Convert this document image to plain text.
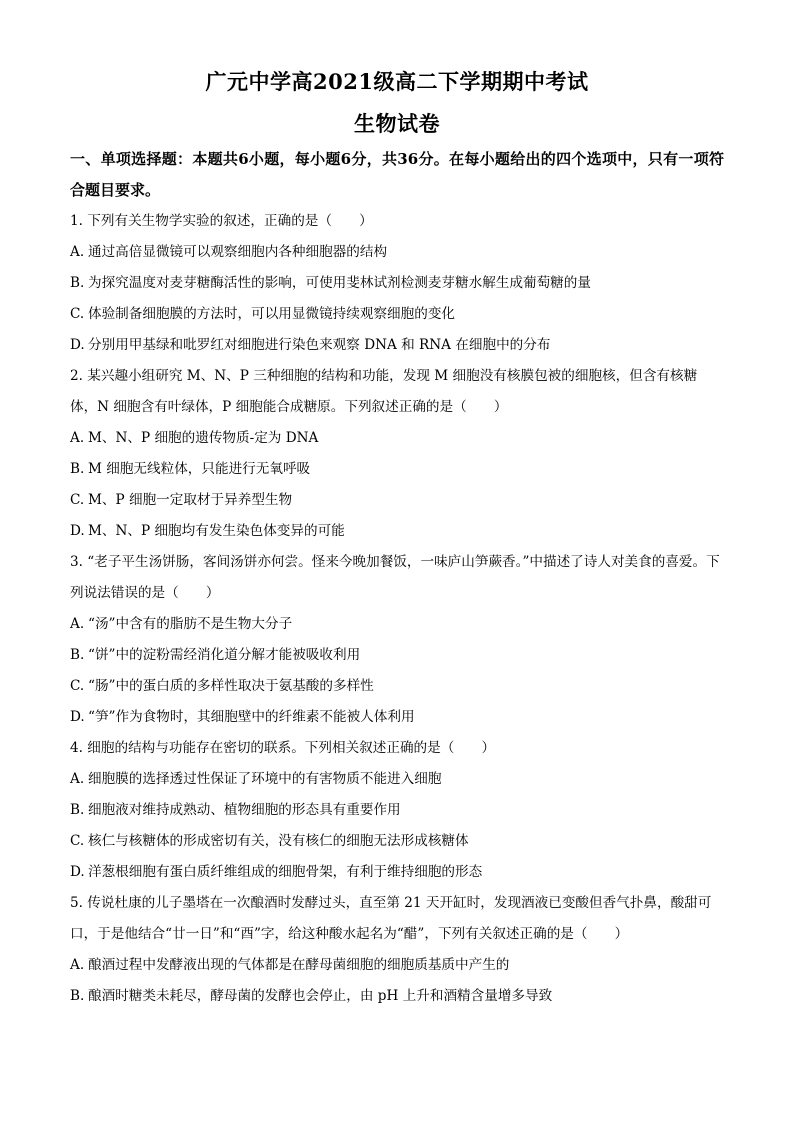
广元中学高2021级高二下学期期中考试
生物试卷
一、单项选择题：本题共6小题，每小题6分，共36分。在每小题给出的四个选项中，只有一项符合题目要求。

1. 下列有关生物学实验的叙述，正确的是（　　）

A. 通过高倍显微镜可以观察细胞内各种细胞器的结构

B. 为探究温度对麦芽糖酶活性的影响，可使用斐林试剂检测麦芽糖水解生成葡萄糖的量

C. 体验制备细胞膜的方法时，可以用显微镜持续观察细胞的变化

D. 分别用甲基绿和吡罗红对细胞进行染色来观察 DNA 和 RNA 在细胞中的分布

2. 某兴趣小组研究 M、N、P 三种细胞的结构和功能，发现 M 细胞没有核膜包被的细胞核，但含有核糖体，N 细胞含有叶绿体，P 细胞能合成糖原。下列叙述正确的是（　　）

A. M、N、P 细胞的遗传物质-定为 DNA

B. M 细胞无线粒体，只能进行无氧呼吸

C. M、P 细胞一定取材于异养型生物

D. M、N、P 细胞均有发生染色体变异的可能

3. “老子平生汤饼肠，客间汤饼亦何尝。怪来今晚加餐饭，一味庐山笋蕨香。”中描述了诗人对美食的喜爱。下列说法错误的是（　　）

A. “汤”中含有的脂肪不是生物大分子

B. “饼”中的淀粉需经消化道分解才能被吸收利用

C. “肠”中的蛋白质的多样性取决于氨基酸的多样性

D. “笋”作为食物时，其细胞壁中的纤维素不能被人体利用

4. 细胞的结构与功能存在密切的联系。下列相关叙述正确的是（　　）

A. 细胞膜的选择透过性保证了环境中的有害物质不能进入细胞

B. 细胞液对维持成熟动、植物细胞的形态具有重要作用

C. 核仁与核糖体的形成密切有关，没有核仁的细胞无法形成核糖体

D. 洋葱根细胞有蛋白质纤维组成的细胞骨架，有利于维持细胞的形态

5. 传说杜康的儿子墨塔在一次酿酒时发酵过头，直至第 21 天开缸时，发现酒液已变酸但香气扑鼻，酸甜可口，于是他结合“廿一日”和“酉”字，给这种酸水起名为“醋”，下列有关叙述正确的是（　　）

A. 酿酒过程中发酵液出现的气体都是在酵母菌细胞的细胞质基质中产生的

B. 酿酒时糖类未耗尽，酵母菌的发酵也会停止，由 pH 上升和酒精含量增多导致
